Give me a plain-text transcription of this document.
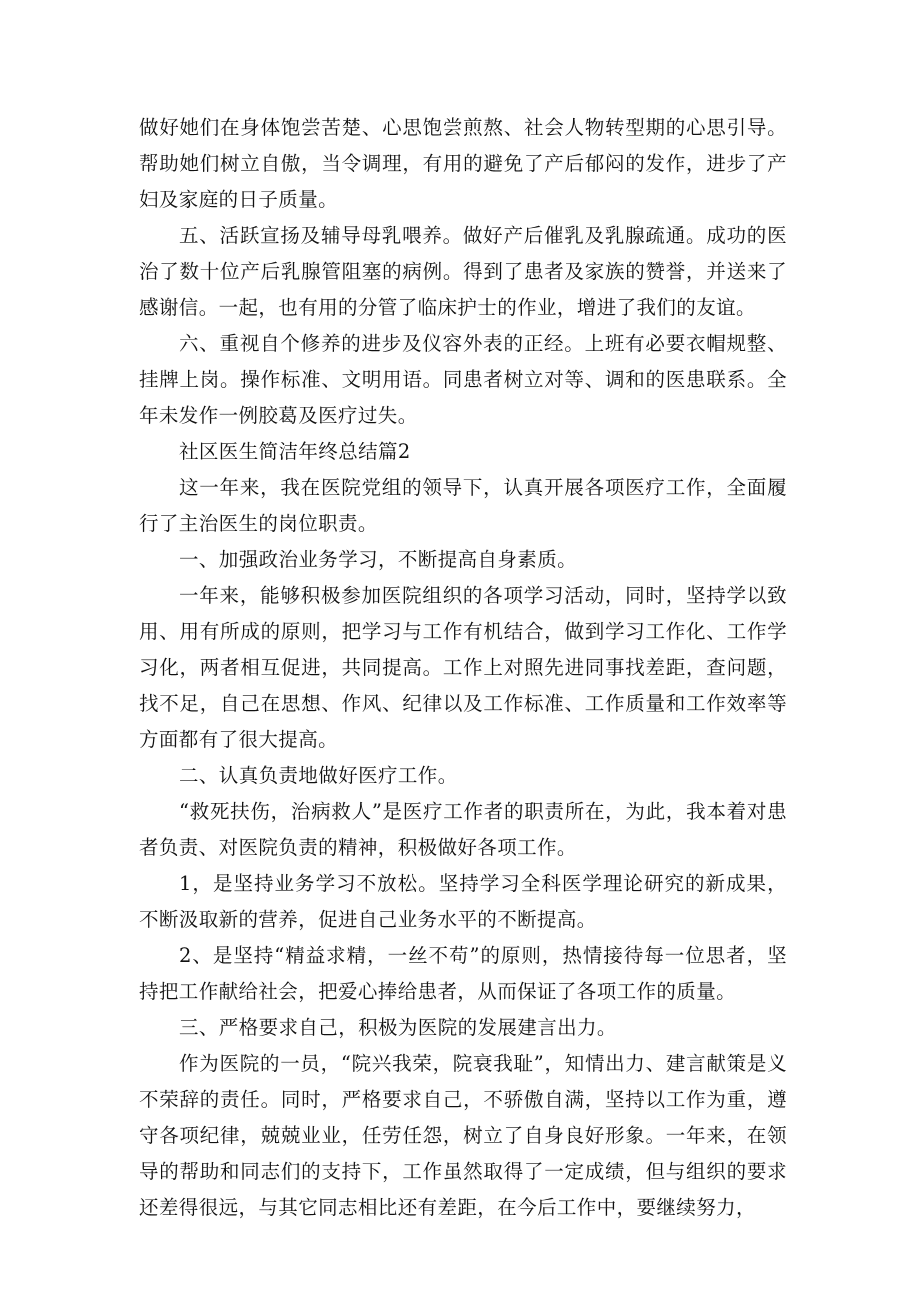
做好她们在身体饱尝苦楚、心思饱尝煎熬、社会人物转型期的心思引导。帮助她们树立自傲，当令调理，有用的避免了产后郁闷的发作，进步了产妇及家庭的日子质量。

五、活跃宣扬及辅导母乳喂养。做好产后催乳及乳腺疏通。成功的医治了数十位产后乳腺管阻塞的病例。得到了患者及家族的赞誉，并送来了感谢信。一起，也有用的分管了临床护士的作业，增进了我们的友谊。

六、重视自个修养的进步及仪容外表的正经。上班有必要衣帽规整、挂牌上岗。操作标准、文明用语。同患者树立对等、调和的医患联系。全年未发作一例胶葛及医疗过失。

社区医生简洁年终总结篇2

这一年来，我在医院党组的领导下，认真开展各项医疗工作，全面履行了主治医生的岗位职责。

一、加强政治业务学习，不断提高自身素质。

一年来，能够积极参加医院组织的各项学习活动，同时，坚持学以致用、用有所成的原则，把学习与工作有机结合，做到学习工作化、工作学习化，两者相互促进，共同提高。工作上对照先进同事找差距，查问题，找不足，自己在思想、作风、纪律以及工作标准、工作质量和工作效率等方面都有了很大提高。

二、认真负责地做好医疗工作。

“救死扶伤，治病救人”是医疗工作者的职责所在，为此，我本着对患者负责、对医院负责的精神，积极做好各项工作。

1，是坚持业务学习不放松。坚持学习全科医学理论研究的新成果，不断汲取新的营养，促进自己业务水平的不断提高。

2、是坚持“精益求精，一丝不苟”的原则，热情接待每一位思者，坚持把工作献给社会，把爱心捧给患者，从而保证了各项工作的质量。

三、严格要求自己，积极为医院的发展建言出力。

作为医院的一员，“院兴我荣，院衰我耻”，知情出力、建言献策是义不荣辞的责任。同时，严格要求自己，不骄傲自满，坚持以工作为重，遵守各项纪律，兢兢业业，任劳任怨，树立了自身良好形象。一年来，在领导的帮助和同志们的支持下，工作虽然取得了一定成绩，但与组织的要求还差得很远，与其它同志相比还有差距，在今后工作中，要继续努力，
